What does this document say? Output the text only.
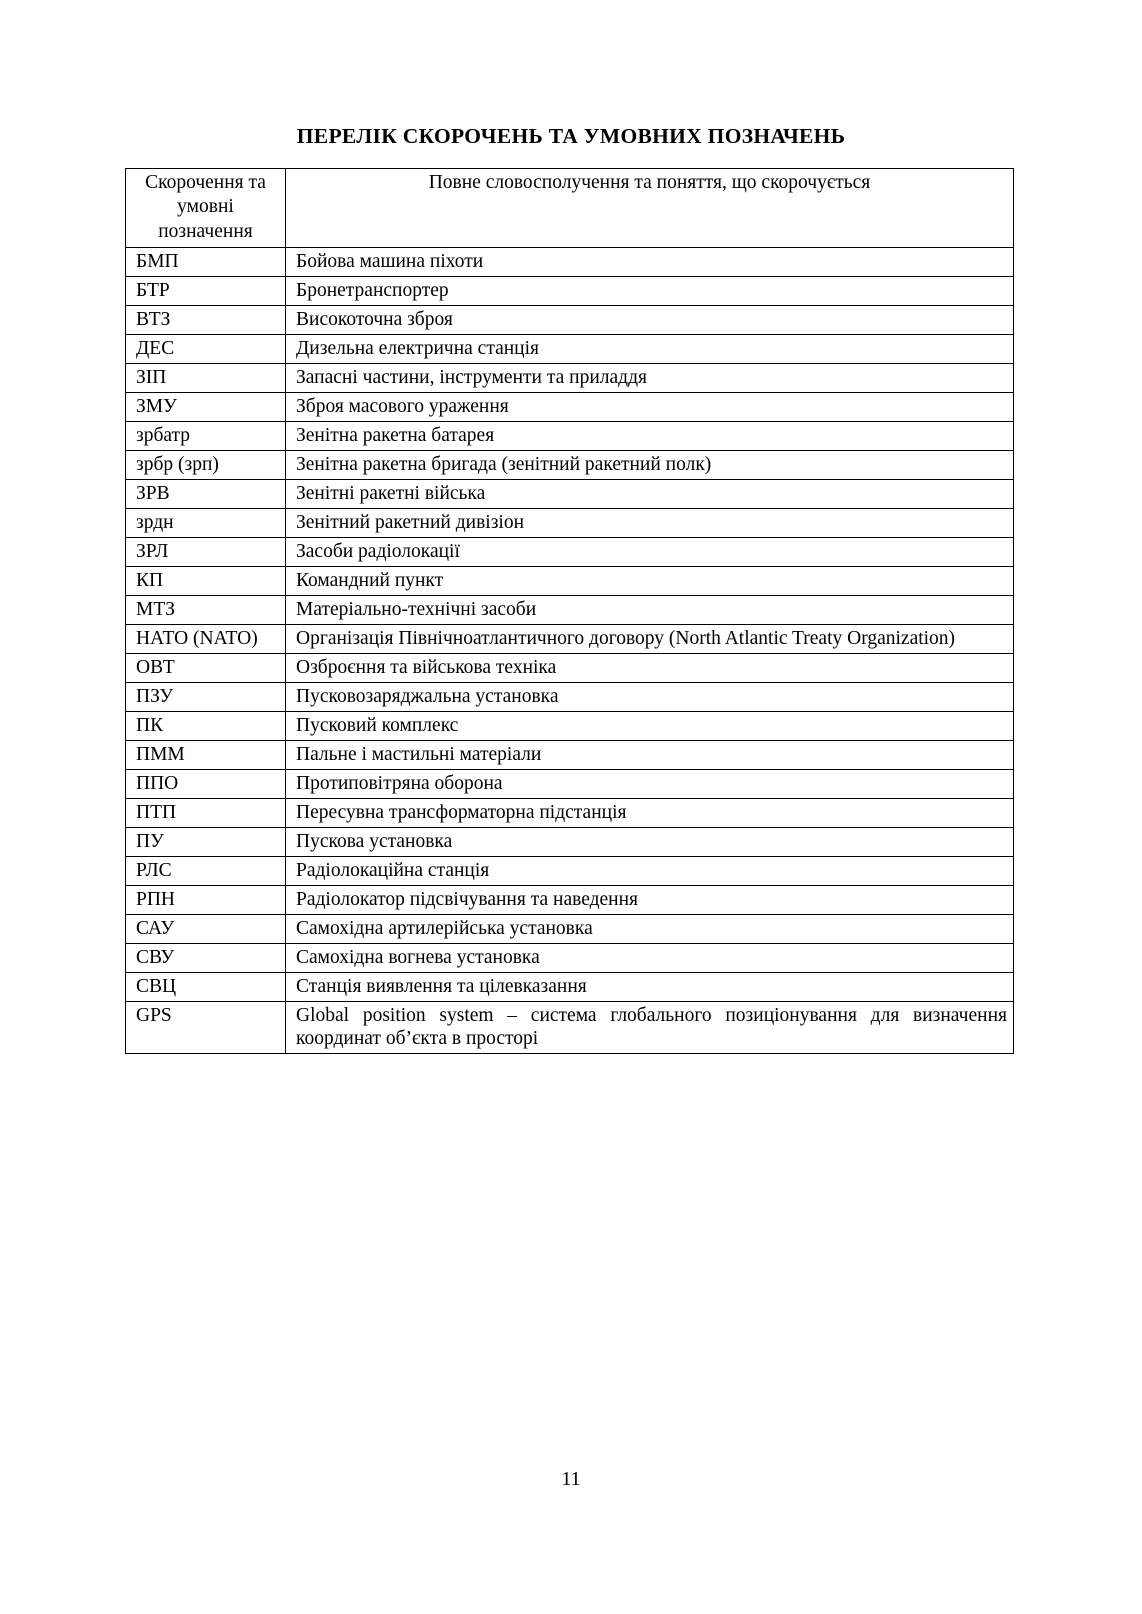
ПЕРЕЛІК СКОРОЧЕНЬ ТА УМОВНИХ ПОЗНАЧЕНЬ
Скорочення та умовні позначення	Повне словосполучення та поняття, що скорочується
БМП	Бойова машина піхоти
БТР	Бронетранспортер
ВТЗ	Високоточна зброя
ДЕС	Дизельна електрична станція
ЗІП	Запасні частини, інструменти та приладдя
ЗМУ	Зброя масового ураження
зрбатр	Зенітна ракетна батарея
зрбр (зрп)	Зенітна ракетна бригада (зенітний ракетний полк)
ЗРВ	Зенітні ракетні війська
зрдн	Зенітний ракетний дивізіон
ЗРЛ	Засоби радіолокації
КП	Командний пункт
МТЗ	Матеріально-технічні засоби
НАТО (NATO)	Організація Північноатлантичного договору (North Atlantic Treaty Organization)
ОВТ	Озброєння та військова техніка
ПЗУ	Пусковозаряджальна установка
ПК	Пусковий комплекс
ПММ	Пальне і мастильні матеріали
ППО	Протиповітряна оборона
ПТП	Пересувна трансформаторна підстанція
ПУ	Пускова установка
РЛС	Радіолокаційна станція
РПН	Радіолокатор підсвічування та наведення
САУ	Самохідна артилерійська установка
СВУ	Самохідна вогнева установка
СВЦ	Станція виявлення та цілевказання
GPS	Global position system – система глобального позиціонування для визначення координат об’єкта в просторі
11
